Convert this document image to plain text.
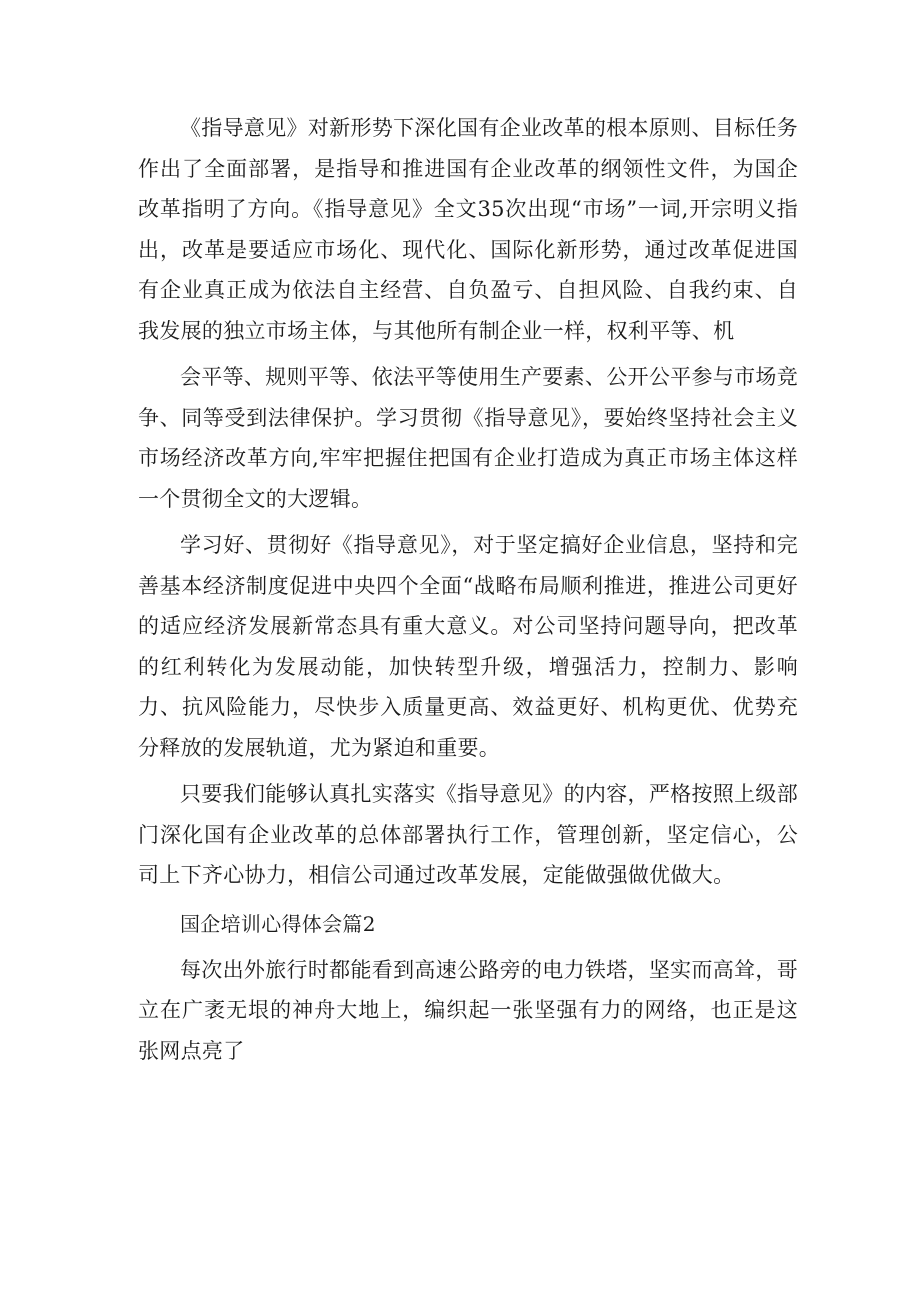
《指导意见》对新形势下深化国有企业改革的根本原则、目标任务作出了全面部署，是指导和推进国有企业改革的纲领性文件，为国企改革指明了方向。《指导意见》全文35次出现“市场”一词,开宗明义指出，改革是要适应市场化、现代化、国际化新形势，通过改革促进国有企业真正成为依法自主经营、自负盈亏、自担风险、自我约束、自我发展的独立市场主体，与其他所有制企业一样，权利平等、机

会平等、规则平等、依法平等使用生产要素、公开公平参与市场竞争、同等受到法律保护。学习贯彻《指导意见》，要始终坚持社会主义市场经济改革方向,牢牢把握住把国有企业打造成为真正市场主体这样一个贯彻全文的大逻辑。

学习好、贯彻好《指导意见》，对于坚定搞好企业信息，坚持和完善基本经济制度促进中央四个全面“战略布局顺利推进，推进公司更好的适应经济发展新常态具有重大意义。对公司坚持问题导向，把改革的红利转化为发展动能，加快转型升级，增强活力，控制力、影响力、抗风险能力，尽快步入质量更高、效益更好、机构更优、优势充分释放的发展轨道，尤为紧迫和重要。

只要我们能够认真扎实落实《指导意见》的内容，严格按照上级部门深化国有企业改革的总体部署执行工作，管理创新，坚定信心，公司上下齐心协力，相信公司通过改革发展，定能做强做优做大。

国企培训心得体会篇2

每次出外旅行时都能看到高速公路旁的电力铁塔，坚实而高耸，哥立在广袤无垠的神舟大地上，编织起一张坚强有力的网络，也正是这张网点亮了
